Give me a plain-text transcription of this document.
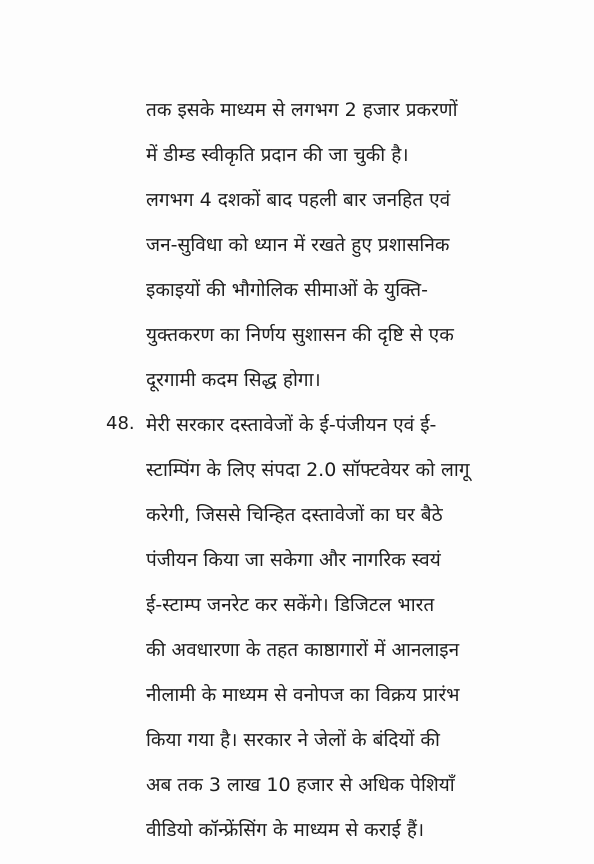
तक इसके माध्यम से लगभग 2 हजार प्रकरणों
में डीम्ड स्वीकृति प्रदान की जा चुकी है।
लगभग 4 दशकों बाद पहली बार जनहित एवं
जन-सुविधा को ध्यान में रखते हुए प्रशासनिक
इकाइयों की भौगोलिक सीमाओं के युक्ति-
युक्तकरण का निर्णय सुशासन की दृष्टि से एक
दूरगामी कदम सिद्ध होगा।
48. मेरी सरकार दस्तावेजों के ई-पंजीयन एवं ई-
स्टाम्पिंग के लिए संपदा 2.0 सॉफ्टवेयर को लागू
करेगी, जिससे चिन्हित दस्तावेजों का घर बैठे
पंजीयन किया जा सकेगा और नागरिक स्वयं
ई-स्टाम्प जनरेट कर सकेंगे। डिजिटल भारत
की अवधारणा के तहत काष्ठागारों में आनलाइन
नीलामी के माध्यम से वनोपज का विक्रय प्रारंभ
किया गया है। सरकार ने जेलों के बंदियों की
अब तक 3 लाख 10 हजार से अधिक पेशियाँ
वीडियो कॉन्फ्रेंसिंग के माध्यम से कराई हैं।
